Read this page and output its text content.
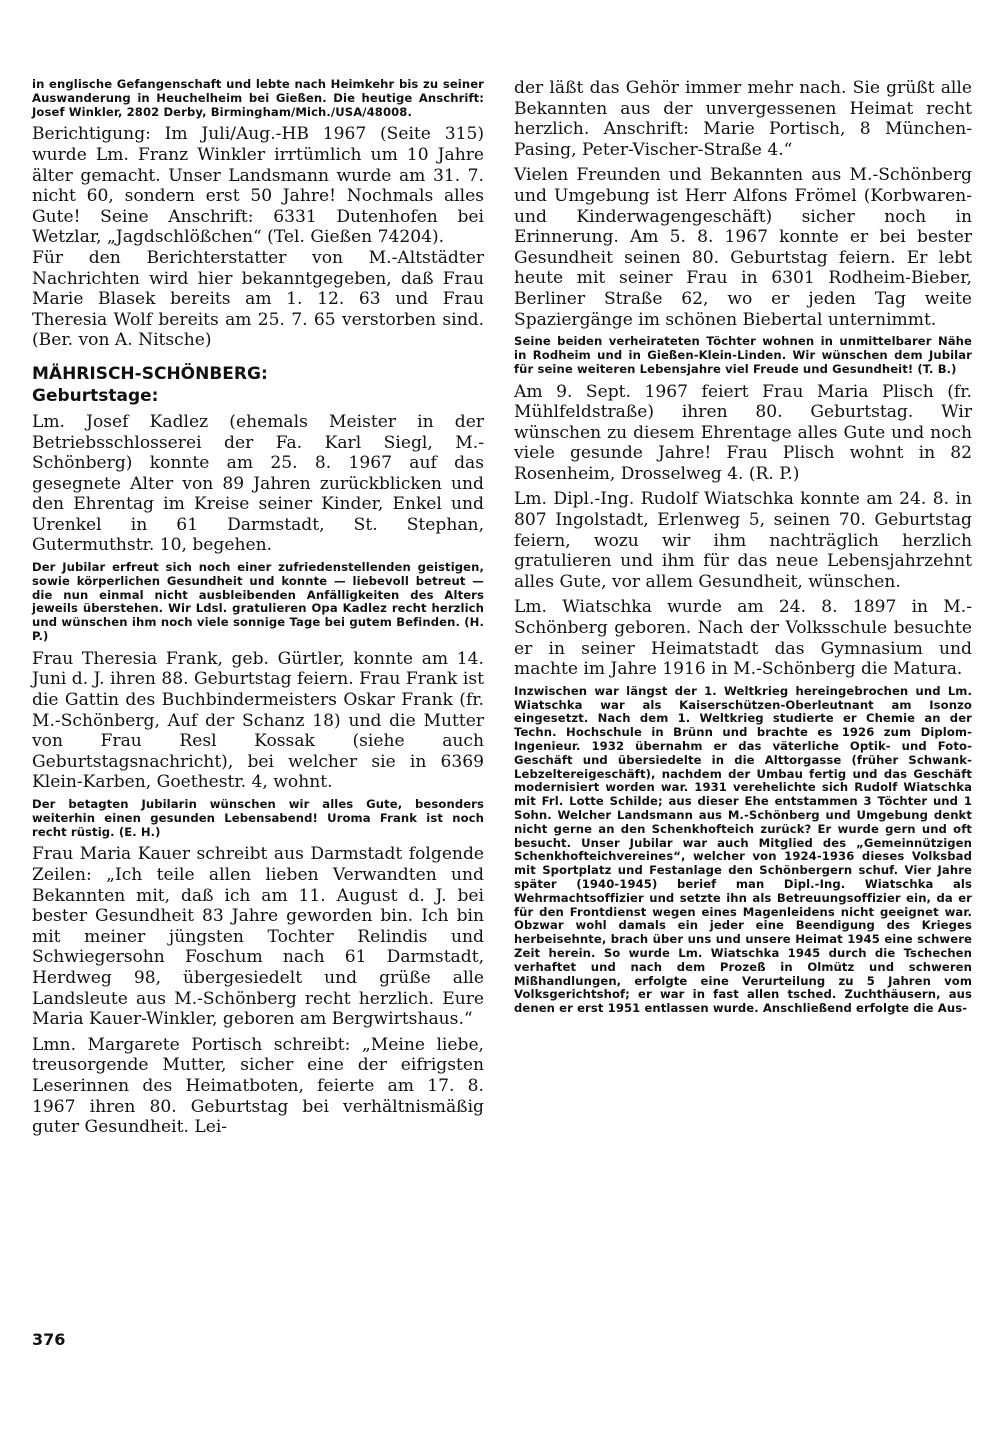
in englische Gefangenschaft und lebte nach Heimkehr bis zu seiner Auswanderung in Heuchelheim bei Gießen. Die heutige Anschrift: Josef Winkler, 2802 Derby, Birmingham/Mich./USA/48008.

Berichtigung: Im Juli/Aug.-HB 1967 (Seite 315) wurde Lm. Franz Winkler irrtümlich um 10 Jahre älter gemacht. Unser Landsmann wurde am 31. 7. nicht 60, sondern erst 50 Jahre! Nochmals alles Gute! Seine Anschrift: 6331 Dutenhofen bei Wetzlar, „Jagdschlößchen“ (Tel. Gießen 74204).

Für den Berichterstatter von M.-Altstädter Nachrichten wird hier bekanntgegeben, daß Frau Marie Blasek bereits am 1. 12. 63 und Frau Theresia Wolf bereits am 25. 7. 65 verstorben sind. (Ber. von A. Nitsche)

MÄHRISCH-SCHÖNBERG:

Geburtstage:

Lm. Josef Kadlez (ehemals Meister in der Betriebsschlosserei der Fa. Karl Siegl, M.-Schönberg) konnte am 25. 8. 1967 auf das gesegnete Alter von 89 Jahren zurückblicken und den Ehrentag im Kreise seiner Kinder, Enkel und Urenkel in 61 Darmstadt, St. Stephan, Gutermuthstr. 10, begehen.

Der Jubilar erfreut sich noch einer zufriedenstellenden geistigen, sowie körperlichen Gesundheit und konnte — liebevoll betreut — die nun einmal nicht ausbleibenden Anfälligkeiten des Alters jeweils überstehen. Wir Ldsl. gratulieren Opa Kadlez recht herzlich und wünschen ihm noch viele sonnige Tage bei gutem Befinden. (H. P.)

Frau Theresia Frank, geb. Gürtler, konnte am 14. Juni d. J. ihren 88. Geburtstag feiern. Frau Frank ist die Gattin des Buchbindermeisters Oskar Frank (fr. M.-Schönberg, Auf der Schanz 18) und die Mutter von Frau Resl Kossak (siehe auch Geburtstagsnachricht), bei welcher sie in 6369 Klein-Karben, Goethestr. 4, wohnt.

Der betagten Jubilarin wünschen wir alles Gute, besonders weiterhin einen gesunden Lebensabend! Uroma Frank ist noch recht rüstig. (E. H.)

Frau Maria Kauer schreibt aus Darmstadt folgende Zeilen: „Ich teile allen lieben Verwandten und Bekannten mit, daß ich am 11. August d. J. bei bester Gesundheit 83 Jahre geworden bin. Ich bin mit meiner jüngsten Tochter Relindis und Schwiegersohn Foschum nach 61 Darmstadt, Herdweg 98, übergesiedelt und grüße alle Landsleute aus M.-Schönberg recht herzlich. Eure Maria Kauer-Winkler, geboren am Bergwirtshaus.“

Lmn. Margarete Portisch schreibt: „Meine liebe, treusorgende Mutter, sicher eine der eifrigsten Leserinnen des Heimatboten, feierte am 17. 8. 1967 ihren 80. Geburtstag bei verhältnismäßig guter Gesundheit. Lei-

der läßt das Gehör immer mehr nach. Sie grüßt alle Bekannten aus der unvergessenen Heimat recht herzlich. Anschrift: Marie Portisch, 8 München-Pasing, Peter-Vischer-Straße 4.“

Vielen Freunden und Bekannten aus M.-Schönberg und Umgebung ist Herr Alfons Frömel (Korbwaren- und Kinderwagengeschäft) sicher noch in Erinnerung. Am 5. 8. 1967 konnte er bei bester Gesundheit seinen 80. Geburtstag feiern. Er lebt heute mit seiner Frau in 6301 Rodheim-Bieber, Berliner Straße 62, wo er jeden Tag weite Spaziergänge im schönen Biebertal unternimmt.

Seine beiden verheirateten Töchter wohnen in unmittelbarer Nähe in Rodheim und in Gießen-Klein-Linden. Wir wünschen dem Jubilar für seine weiteren Lebensjahre viel Freude und Gesundheit! (T. B.)

Am 9. Sept. 1967 feiert Frau Maria Plisch (fr. Mühlfeldstraße) ihren 80. Geburtstag. Wir wünschen zu diesem Ehrentage alles Gute und noch viele gesunde Jahre! Frau Plisch wohnt in 82 Rosenheim, Drosselweg 4. (R. P.)

Lm. Dipl.-Ing. Rudolf Wiatschka konnte am 24. 8. in 807 Ingolstadt, Erlenweg 5, seinen 70. Geburtstag feiern, wozu wir ihm nachträglich herzlich gratulieren und ihm für das neue Lebensjahrzehnt alles Gute, vor allem Gesundheit, wünschen.

Lm. Wiatschka wurde am 24. 8. 1897 in M.-Schönberg geboren. Nach der Volksschule besuchte er in seiner Heimatstadt das Gymnasium und machte im Jahre 1916 in M.-Schönberg die Matura.

Inzwischen war längst der 1. Weltkrieg hereingebrochen und Lm. Wiatschka war als Kaiserschützen-Oberleutnant am Isonzo eingesetzt. Nach dem 1. Weltkrieg studierte er Chemie an der Techn. Hochschule in Brünn und brachte es 1926 zum Diplom-Ingenieur. 1932 übernahm er das väterliche Optik- und Foto-Geschäft und übersiedelte in die Alttorgasse (früher Schwank-Lebzeltereigeschäft), nachdem der Umbau fertig und das Geschäft modernisiert worden war. 1931 verehelichte sich Rudolf Wiatschka mit Frl. Lotte Schilde; aus dieser Ehe entstammen 3 Töchter und 1 Sohn. Welcher Landsmann aus M.-Schönberg und Umgebung denkt nicht gerne an den Schenkhofteich zurück? Er wurde gern und oft besucht. Unser Jubilar war auch Mitglied des „Gemeinnützigen Schenkhofteichvereines“, welcher von 1924-1936 dieses Volksbad mit Sportplatz und Festanlage den Schönbergern schuf. Vier Jahre später (1940-1945) berief man Dipl.-Ing. Wiatschka als Wehrmachtsoffizier und setzte ihn als Betreuungsoffizier ein, da er für den Frontdienst wegen eines Magenleidens nicht geeignet war. Obzwar wohl damals ein jeder eine Beendigung des Krieges herbeisehnte, brach über uns und unsere Heimat 1945 eine schwere Zeit herein. So wurde Lm. Wiatschka 1945 durch die Tschechen verhaftet und nach dem Prozeß in Olmütz und schweren Mißhandlungen, erfolgte eine Verurteilung zu 5 Jahren vom Volksgerichtshof; er war in fast allen tsched. Zuchthäusern, aus denen er erst 1951 entlassen wurde. Anschließend erfolgte die Aus-

376
